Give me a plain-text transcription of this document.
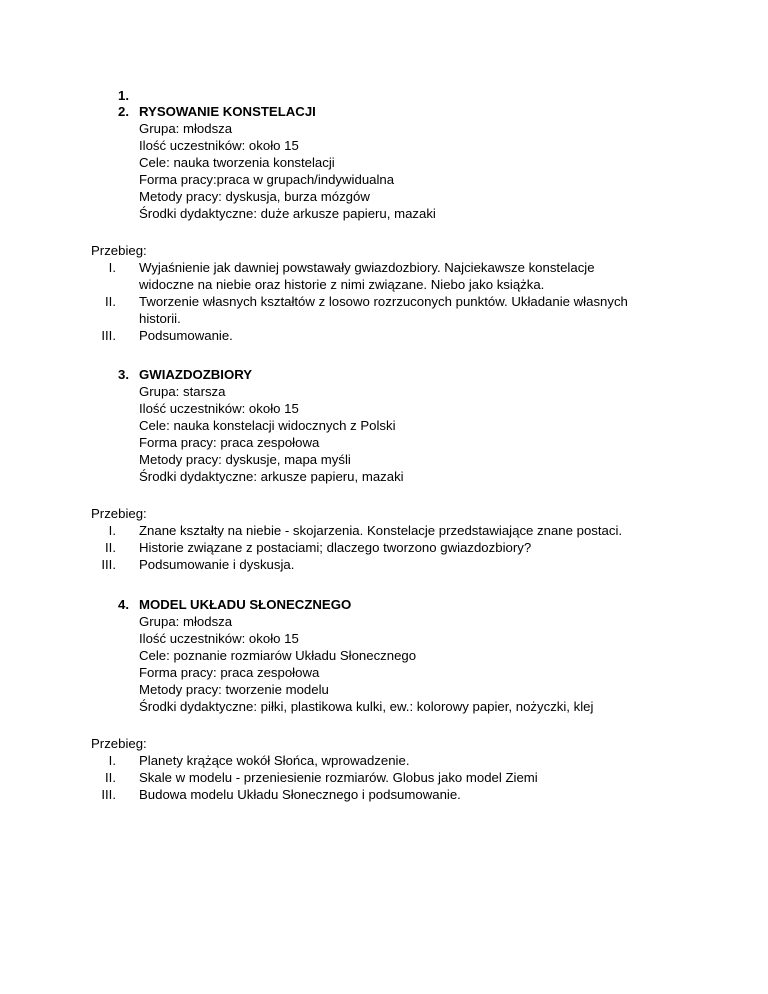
1.
2. RYSOWANIE KONSTELACJI
Grupa: młodsza
Ilość uczestników: około 15
Cele: nauka tworzenia konstelacji
Forma pracy:praca w grupach/indywidualna
Metody pracy: dyskusja, burza mózgów
Środki dydaktyczne: duże arkusze papieru, mazaki
Przebieg:
I. Wyjaśnienie jak dawniej powstawały gwiazdozbiory. Najciekawsze konstelacje
widoczne na niebie oraz historie z nimi związane. Niebo jako książka.
II. Tworzenie własnych kształtów z losowo rozrzuconych punktów. Układanie własnych
historii.
III. Podsumowanie.
3. GWIAZDOZBIORY
Grupa: starsza
Ilość uczestników: około 15
Cele: nauka konstelacji widocznych z Polski
Forma pracy: praca zespołowa
Metody pracy: dyskusje, mapa myśli
Środki dydaktyczne: arkusze papieru, mazaki
Przebieg:
I. Znane kształty na niebie - skojarzenia. Konstelacje przedstawiające znane postaci.
II. Historie związane z postaciami; dlaczego tworzono gwiazdozbiory?
III. Podsumowanie i dyskusja.
4. MODEL UKŁADU SŁONECZNEGO
Grupa: młodsza
Ilość uczestników: około 15
Cele: poznanie rozmiarów Układu Słonecznego
Forma pracy: praca zespołowa
Metody pracy: tworzenie modelu
Środki dydaktyczne: piłki, plastikowa kulki, ew.: kolorowy papier, nożyczki, klej
Przebieg:
I. Planety krążące wokół Słońca, wprowadzenie.
II. Skale w modelu - przeniesienie rozmiarów. Globus jako model Ziemi
III. Budowa modelu Układu Słonecznego i podsumowanie.
